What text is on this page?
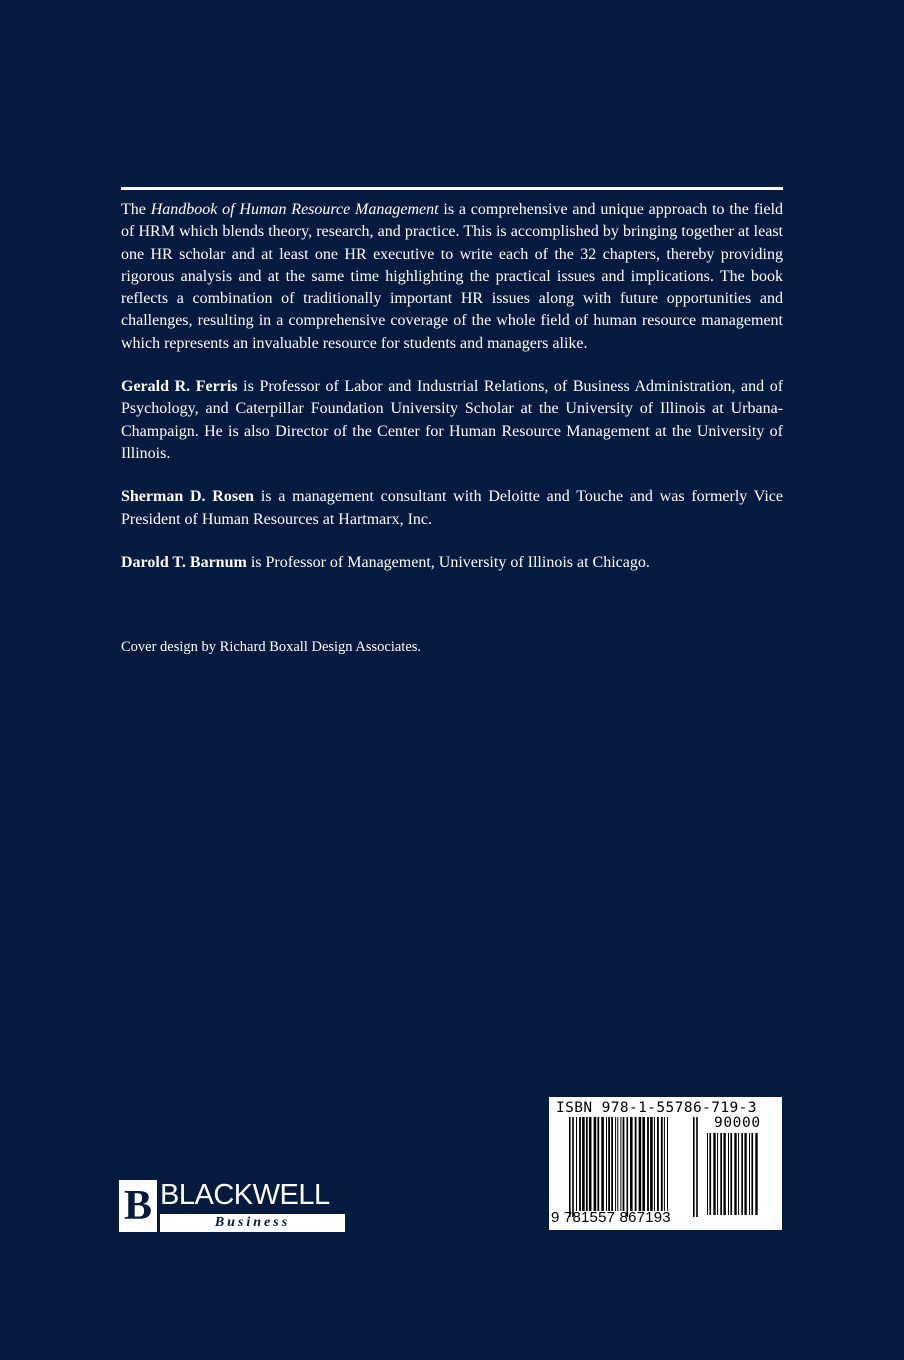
The Handbook of Human Resource Management is a comprehensive and unique approach to the field of HRM which blends theory, research, and practice. This is accomplished by bringing together at least one HR scholar and at least one HR executive to write each of the 32 chapters, thereby providing rigorous analysis and at the same time highlighting the practical issues and implications. The book reflects a combination of traditionally important HR issues along with future opportunities and challenges, resulting in a comprehensive coverage of the whole field of human resource management which represents an invaluable resource for students and managers alike.

Gerald R. Ferris is Professor of Labor and Industrial Relations, of Business Administration, and of Psychology, and Caterpillar Foundation University Scholar at the University of Illinois at Urbana-Champaign. He is also Director of the Center for Human Resource Management at the University of Illinois.

Sherman D. Rosen is a management consultant with Deloitte and Touche and was formerly Vice President of Human Resources at Hartmarx, Inc.

Darold T. Barnum is Professor of Management, University of Illinois at Chicago.

Cover design by Richard Boxall Design Associates.
B BLACKWELL
Business
ISBN 978-1-55786-719-3
90000
9 781557 867193
